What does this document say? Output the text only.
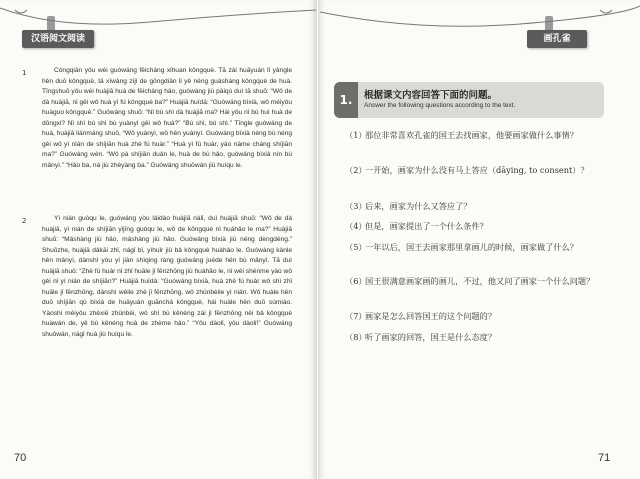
汉语阅文阅读
1	Cóngqián yǒu wèi guówáng fēicháng xǐhuan kǒngquè. Tā zài huāyuán lǐ yǎngle hěn duō kǒngquè, tā xīwàng zìjǐ de gōngdiàn lǐ yě néng guàshàng kǒngquè de huà. Tīngshuō yǒu wèi huàjiā huà de fēicháng hǎo, guówáng jiù pàiqù duì tā shuō: “Wǒ de dà huàjiā, nǐ gěi wǒ huà yì fú kǒngquè ba?” Huàjiā huídá: “Guówáng bìxià, wǒ méiyǒu huàguo kǒngquè.” Guówáng shuō: “Nǐ bù shì dà huàjiā ma? Hái yǒu nǐ bú huì huà de dōngxi? Nǐ shì bú shì bù yuànyì gěi wǒ huà?” “Bù shì, bú shì.” Tīngle guówáng de huà, huàjiā liánmáng shuō, “Wǒ yuànyì, wǒ hěn yuànyì. Guówáng bìxià néng bù néng gěi wǒ yì nián de shíjiān huà zhè fú huàr.” “Huà yì fú huàr, yào nàme cháng shíjiān ma?” Guówáng wèn. “Wǒ pà shíjiān duǎn le, huà de bù hǎo, guówáng bìxià nín bù mǎnyì.” “Hǎo ba, nà jiù zhèyàng ba.” Guówáng shuōwán jiù huíqu le.

2	Yì nián guòqu le, guówáng yòu láidào huàjiā nàlǐ, duì huàjiā shuō: “Wǒ de dà huàjiā, yì nián de shíjiān yǐjīng guòqu le, wǒ de kǒngquè nǐ huàhǎo le ma?” Huàjiā shuō: “Mǎshàng jiù hǎo, mǎshàng jiù hǎo. Guówáng bìxià jiù néng dèngdèng.” Shuōzhe, huàjiā dǎkāi zhǐ, nágǐ bǐ, yìhuǐr jiù bǎ kǒngquè huàhǎo le. Guówáng kànle hěn mǎnyì, dànshì yòu yí jiàn shìqing ràng guówáng juéde hěn bù mǎnyì. Tā duì huàjiā shuō: “Zhè fú huàr nǐ zhǐ huāle jǐ fēnzhōng jiù huàhǎo le, nǐ wèi shénme yào wǒ gěi nǐ yì nián de shíjiān?” Huàjiā huídá: “Guówáng bìxià, huà zhè fú huàr wǒ shì zhǐ huāle jǐ fēnzhōng, dànshì wèile zhè jǐ fēnzhōng, wǒ zhǔnbèile yì nián. Wǒ huàle hěn duō shíjiān qù bìxià de huāyuán guānchá kǒngquè, hái huàle hěn duō sùmiáo. Yàoshi méiyǒu zhèxiē zhǔnbèi, wǒ shì bù kěnéng zài jǐ fēnzhōng nèi bǎ kǒngquè huàwán de, yě bù kěnéng huà de zhème hǎo.” “Yǒu dàolǐ, yǒu dàolǐ!” Guówáng shuōwán, nágǐ huà jiù huíqu le.

70
画孔雀
1.	根据课文内容回答下面的问题。
Answer the following questions according to the text.

（1）那位非常喜欢孔雀的国王去找画家，他要画家做什么事情？

（2）一开始，画家为什么没有马上答应（dāying, to consent）？

（3）后来，画家为什么又答应了？

（4）但是，画家提出了一个什么条件？

（5）一年以后，国王去画家那里拿画儿的时候，画家做了什么？

（6）国王很满意画家画的画儿，不过，他又问了画家一个什么问题？

（7）画家是怎么回答国王的这个问题的？

（8）听了画家的回答，国王是什么态度？

71
